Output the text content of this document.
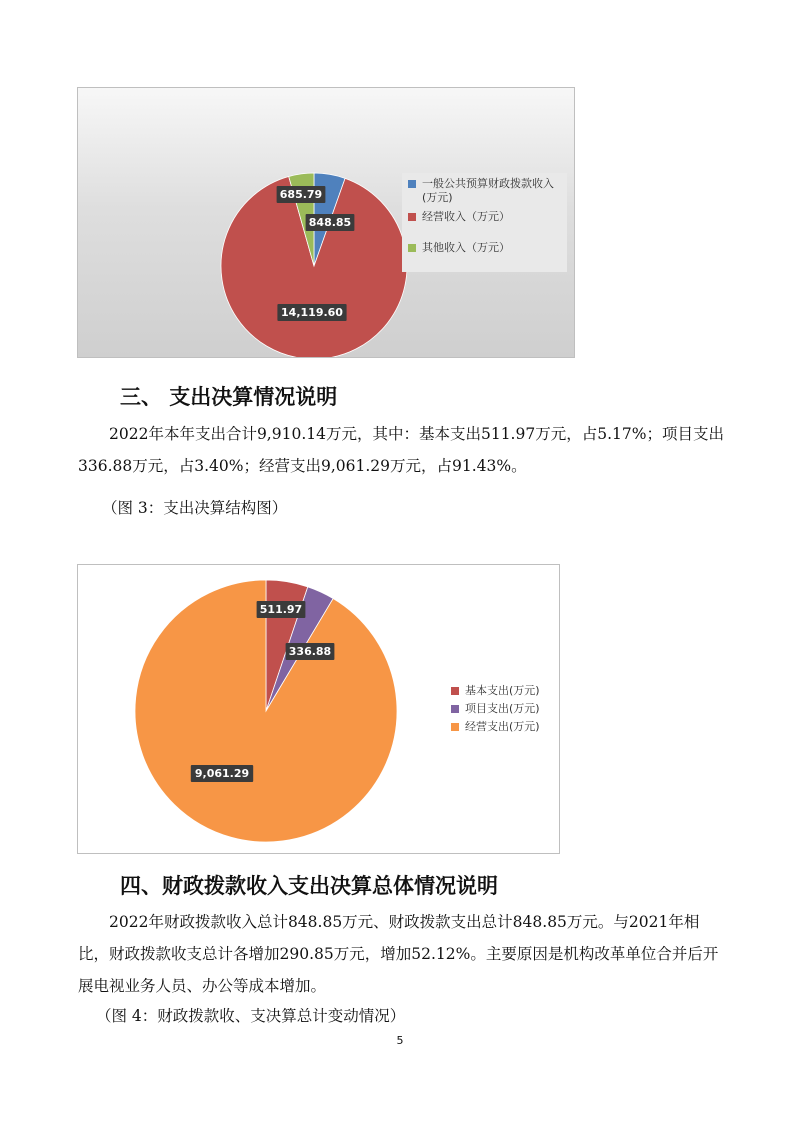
848.85
14,119.60
685.79
一般公共预算财政拨款收入
(万元)
经营收入（万元）
其他收入（万元）
三、 支出决算情况说明

2022年本年支出合计9,910.14万元，其中：基本支出511.97万元，占5.17%；项目支出336.88万元，占3.40%；经营支出9,061.29万元，占91.43%。

（图 3：支出决算结构图）
511.97
336.88
9,061.29
基本支出(万元)
项目支出(万元)
经营支出(万元)
四、财政拨款收入支出决算总体情况说明

2022年财政拨款收入总计848.85万元、财政拨款支出总计848.85万元。与2021年相比，财政拨款收支总计各增加290.85万元，增加52.12%。主要原因是机构改革单位合并后开展电视业务人员、办公等成本增加。

（图 4：财政拨款收、支决算总计变动情况）
5
